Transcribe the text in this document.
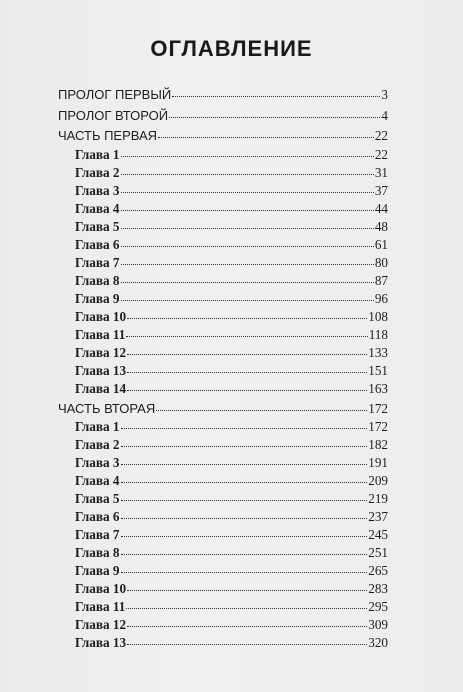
ОГЛАВЛЕНИЕ
ПРОЛОГ ПЕРВЫЙ	3
ПРОЛОГ ВТОРОЙ	4
ЧАСТЬ ПЕРВАЯ	22
Глава 1	22
Глава 2	31
Глава 3	37
Глава 4	44
Глава 5	48
Глава 6	61
Глава 7	80
Глава 8	87
Глава 9	96
Глава 10	108
Глава 11	118
Глава 12	133
Глава 13	151
Глава 14	163
ЧАСТЬ ВТОРАЯ	172
Глава 1	172
Глава 2	182
Глава 3	191
Глава 4	209
Глава 5	219
Глава 6	237
Глава 7	245
Глава 8	251
Глава 9	265
Глава 10	283
Глава 11	295
Глава 12	309
Глава 13	320
